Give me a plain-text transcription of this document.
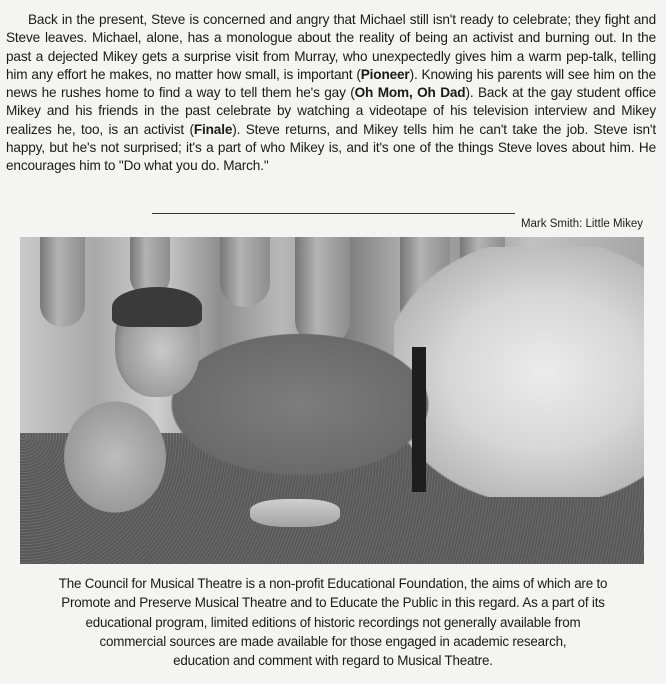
Back in the present, Steve is concerned and angry that Michael still isn't ready to celebrate; they fight and Steve leaves. Michael, alone, has a monologue about the reality of being an activist and burning out. In the past a dejected Mikey gets a surprise visit from Murray, who unexpectedly gives him a warm pep-talk, telling him any effort he makes, no matter how small, is important (Pioneer). Knowing his parents will see him on the news he rushes home to find a way to tell them he's gay (Oh Mom, Oh Dad). Back at the gay student office Mikey and his friends in the past celebrate by watching a videotape of his television interview and Mikey realizes he, too, is an activist (Finale). Steve returns, and Mikey tells him he can't take the job. Steve isn't happy, but he's not surprised; it's a part of who Mikey is, and it's one of the things Steve loves about him. He encourages him to "Do what you do. March."

Mark Smith: Little Mikey
The Council for Musical Theatre is a non-profit Educational Foundation, the aims of which are to
Promote and Preserve Musical Theatre and to Educate the Public in this regard. As a part of its
educational program, limited editions of historic recordings not generally available from
commercial sources are made available for those engaged in academic research,
education and comment with regard to Musical Theatre.
